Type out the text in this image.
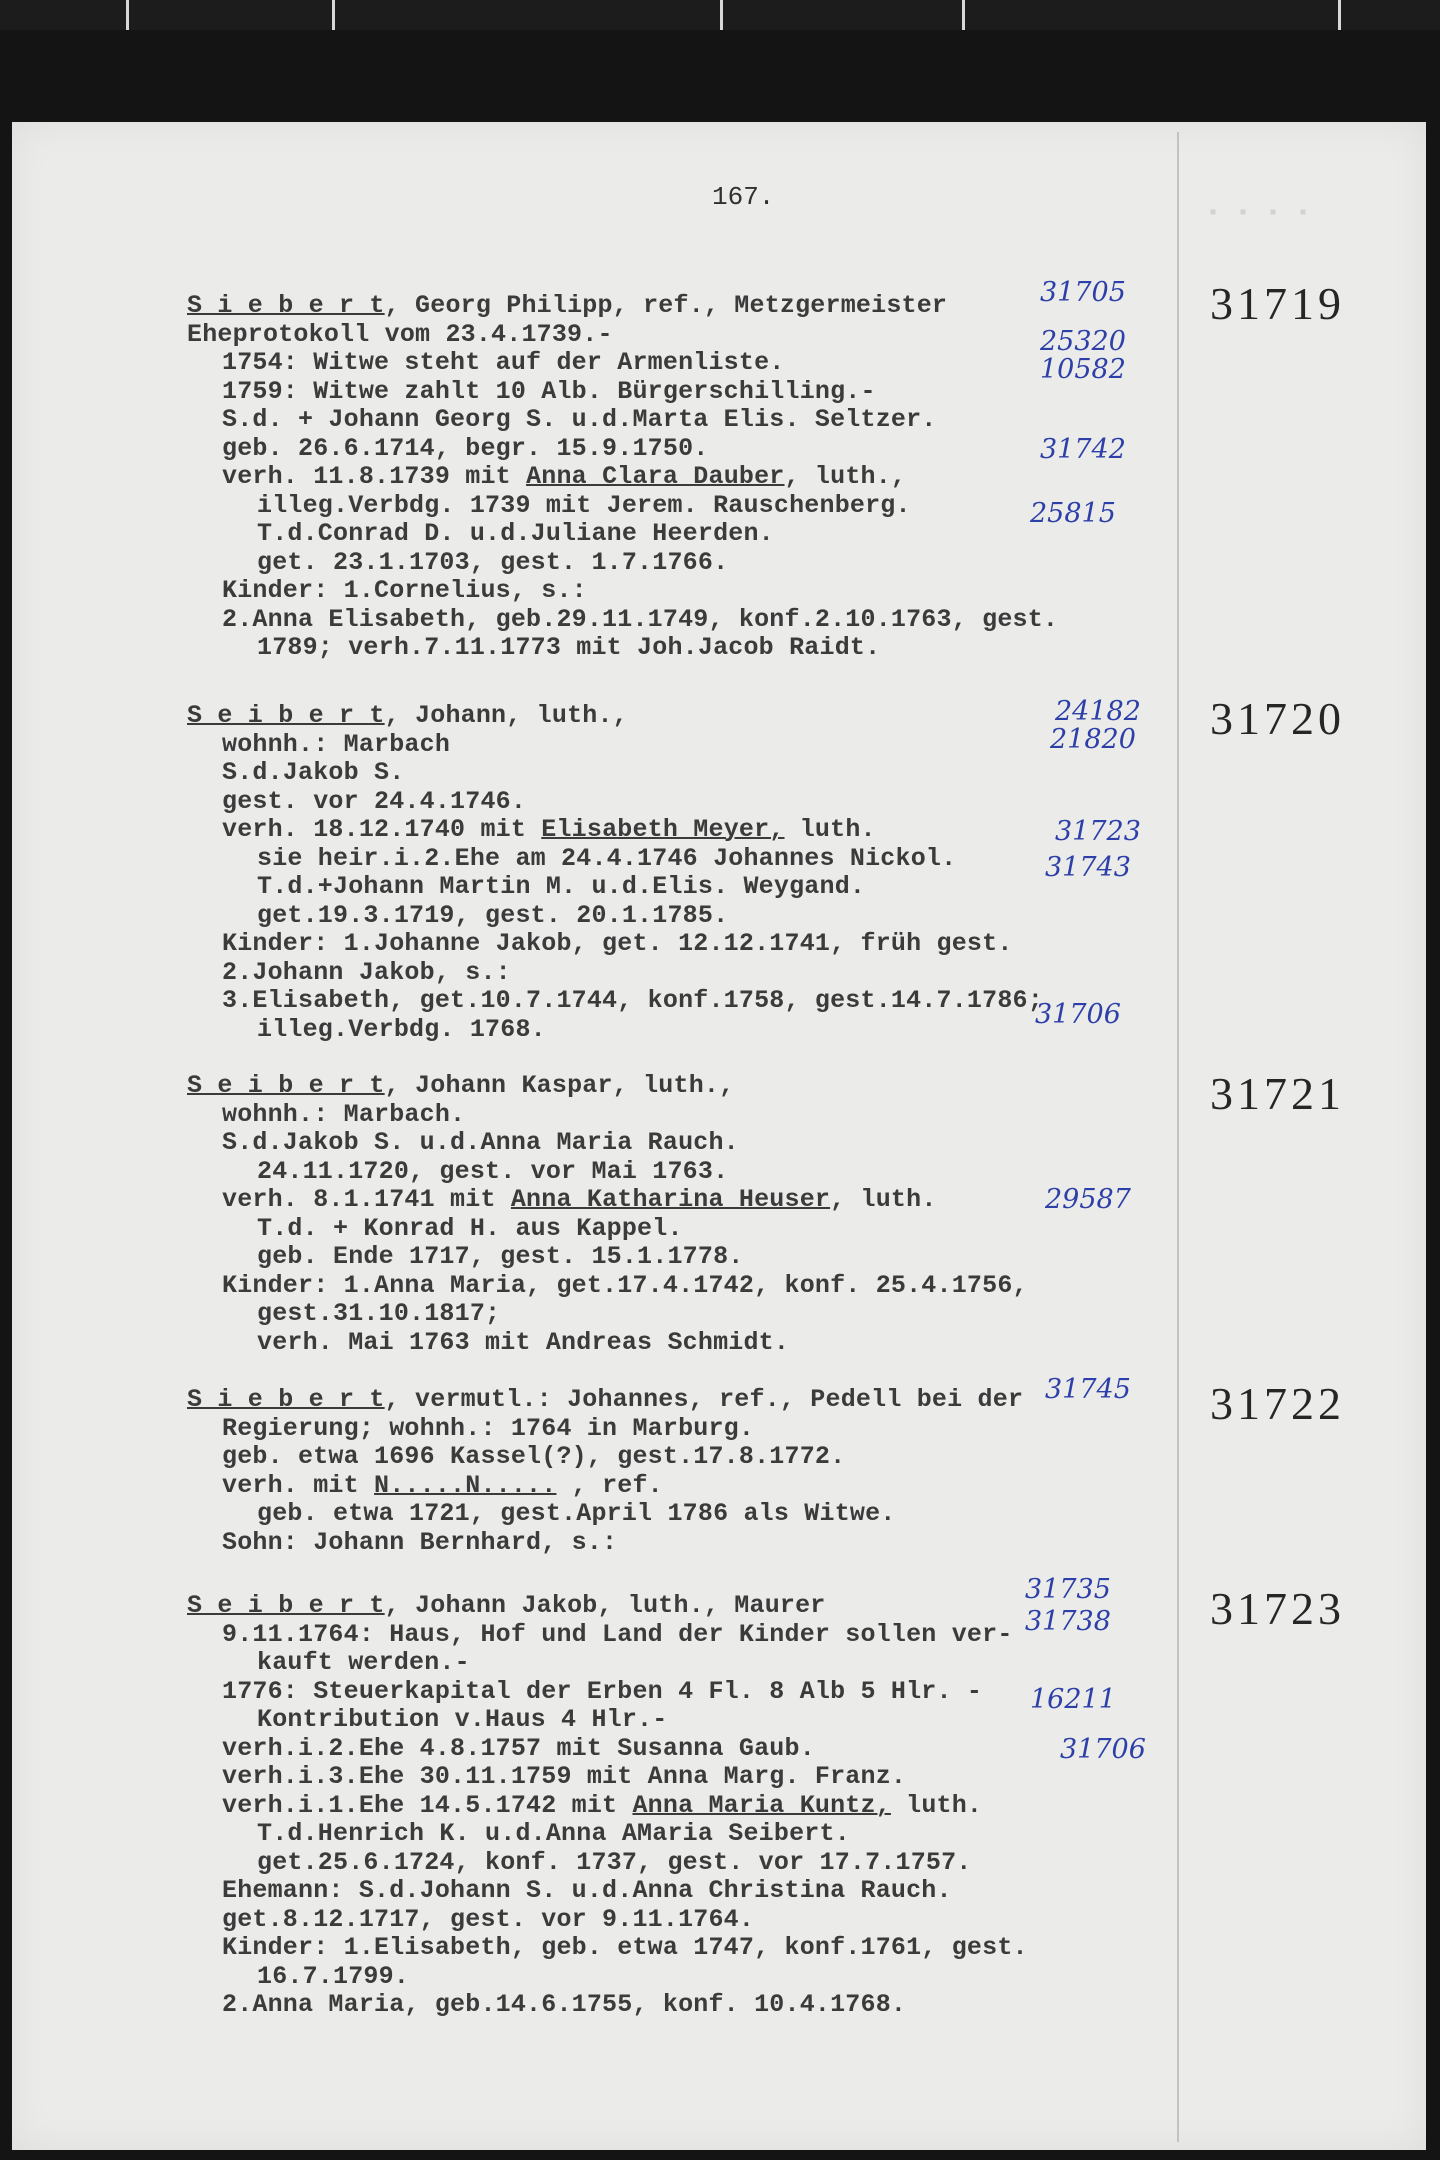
167.
▪ ▪ ▪ ▪
31719
S i e b e r t, Georg Philipp, ref., Metzgermeister
Eheprotokoll vom 23.4.1739.-
1754: Witwe steht auf der Armenliste.
1759: Witwe zahlt 10 Alb. Bürgerschilling.-
S.d. + Johann Georg S. u.d.Marta Elis. Seltzer.
geb. 26.6.1714, begr. 15.9.1750.
verh. 11.8.1739 mit Anna Clara Dauber, luth.,
illeg.Verbdg. 1739 mit Jerem. Rauschenberg.
T.d.Conrad D. u.d.Juliane Heerden.
get. 23.1.1703, gest. 1.7.1766.
Kinder: 1.Cornelius, s.:
2.Anna Elisabeth, geb.29.11.1749, konf.2.10.1763, gest.
1789; verh.7.11.1773 mit Joh.Jacob Raidt.
31705
25320
10582
31742
25815
31720
S e i b e r t, Johann, luth.,
wohnh.: Marbach
S.d.Jakob S.
gest. vor 24.4.1746.
verh. 18.12.1740 mit Elisabeth Meyer, luth.
sie heir.i.2.Ehe am 24.4.1746 Johannes Nickol.
T.d.+Johann Martin M. u.d.Elis. Weygand.
get.19.3.1719, gest. 20.1.1785.
Kinder: 1.Johanne Jakob, get. 12.12.1741, früh gest.
2.Johann Jakob, s.:
3.Elisabeth, get.10.7.1744, konf.1758, gest.14.7.1786;
illeg.Verbdg. 1768.
24182
21820
31723
31743
31721
S e i b e r t, Johann Kaspar, luth.,
wohnh.: Marbach.
S.d.Jakob S. u.d.Anna Maria Rauch.
24.11.1720, gest. vor Mai 1763.
verh. 8.1.1741 mit Anna Katharina Heuser, luth.
T.d. + Konrad H. aus Kappel.
geb. Ende 1717, gest. 15.1.1778.
Kinder: 1.Anna Maria, get.17.4.1742, konf. 25.4.1756,
gest.31.10.1817;
verh. Mai 1763 mit Andreas Schmidt.
31706
29587
31722
S i e b e r t, vermutl.: Johannes, ref., Pedell bei der
Regierung; wohnh.: 1764 in Marburg.
geb. etwa 1696 Kassel(?), gest.17.8.1772.
verh. mit N.....N..... , ref.
geb. etwa 1721, gest.April 1786 als Witwe.
Sohn: Johann Bernhard, s.:
31745
31723
S e i b e r t, Johann Jakob, luth., Maurer
9.11.1764: Haus, Hof und Land der Kinder sollen ver-
kauft werden.-
1776: Steuerkapital der Erben 4 Fl. 8 Alb 5 Hlr. -
Kontribution v.Haus 4 Hlr.-
verh.i.2.Ehe 4.8.1757 mit Susanna Gaub.
verh.i.3.Ehe 30.11.1759 mit Anna Marg. Franz.
verh.i.1.Ehe 14.5.1742 mit Anna Maria Kuntz, luth.
T.d.Henrich K. u.d.Anna AMaria Seibert.
get.25.6.1724, konf. 1737, gest. vor 17.7.1757.
Ehemann: S.d.Johann S. u.d.Anna Christina Rauch.
get.8.12.1717, gest. vor 9.11.1764.
Kinder: 1.Elisabeth, geb. etwa 1747, konf.1761, gest.
16.7.1799.
2.Anna Maria, geb.14.6.1755, konf. 10.4.1768.
31735
31738
16211
31706
